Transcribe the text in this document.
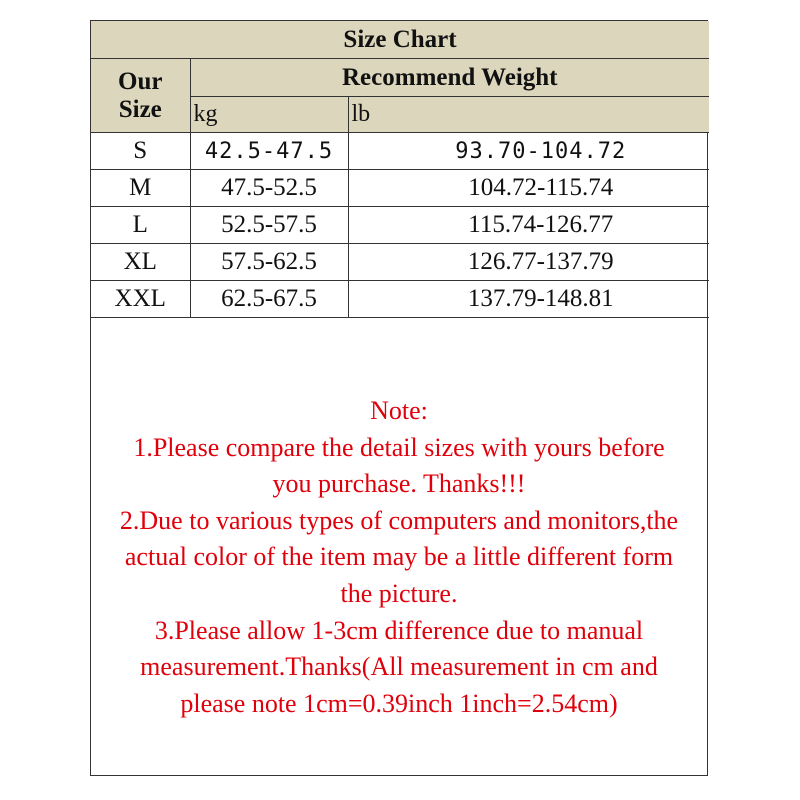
Size Chart		
Our
Size	Recommend Weight	
	kg	lb
S	42.5-47.5	93.70-104.72
M	47.5-52.5	104.72-115.74
L	52.5-57.5	115.74-126.77
XL	57.5-62.5	126.77-137.79
XXL	62.5-67.5	137.79-148.81
Note:
1.Please compare the detail sizes with yours before
you purchase. Thanks!!!
2.Due to various types of computers and monitors,the
actual color of the item may be a little different form
the picture.
3.Please allow 1-3cm difference due to manual
measurement.Thanks(All measurement in cm and
please note 1cm=0.39inch 1inch=2.54cm)
